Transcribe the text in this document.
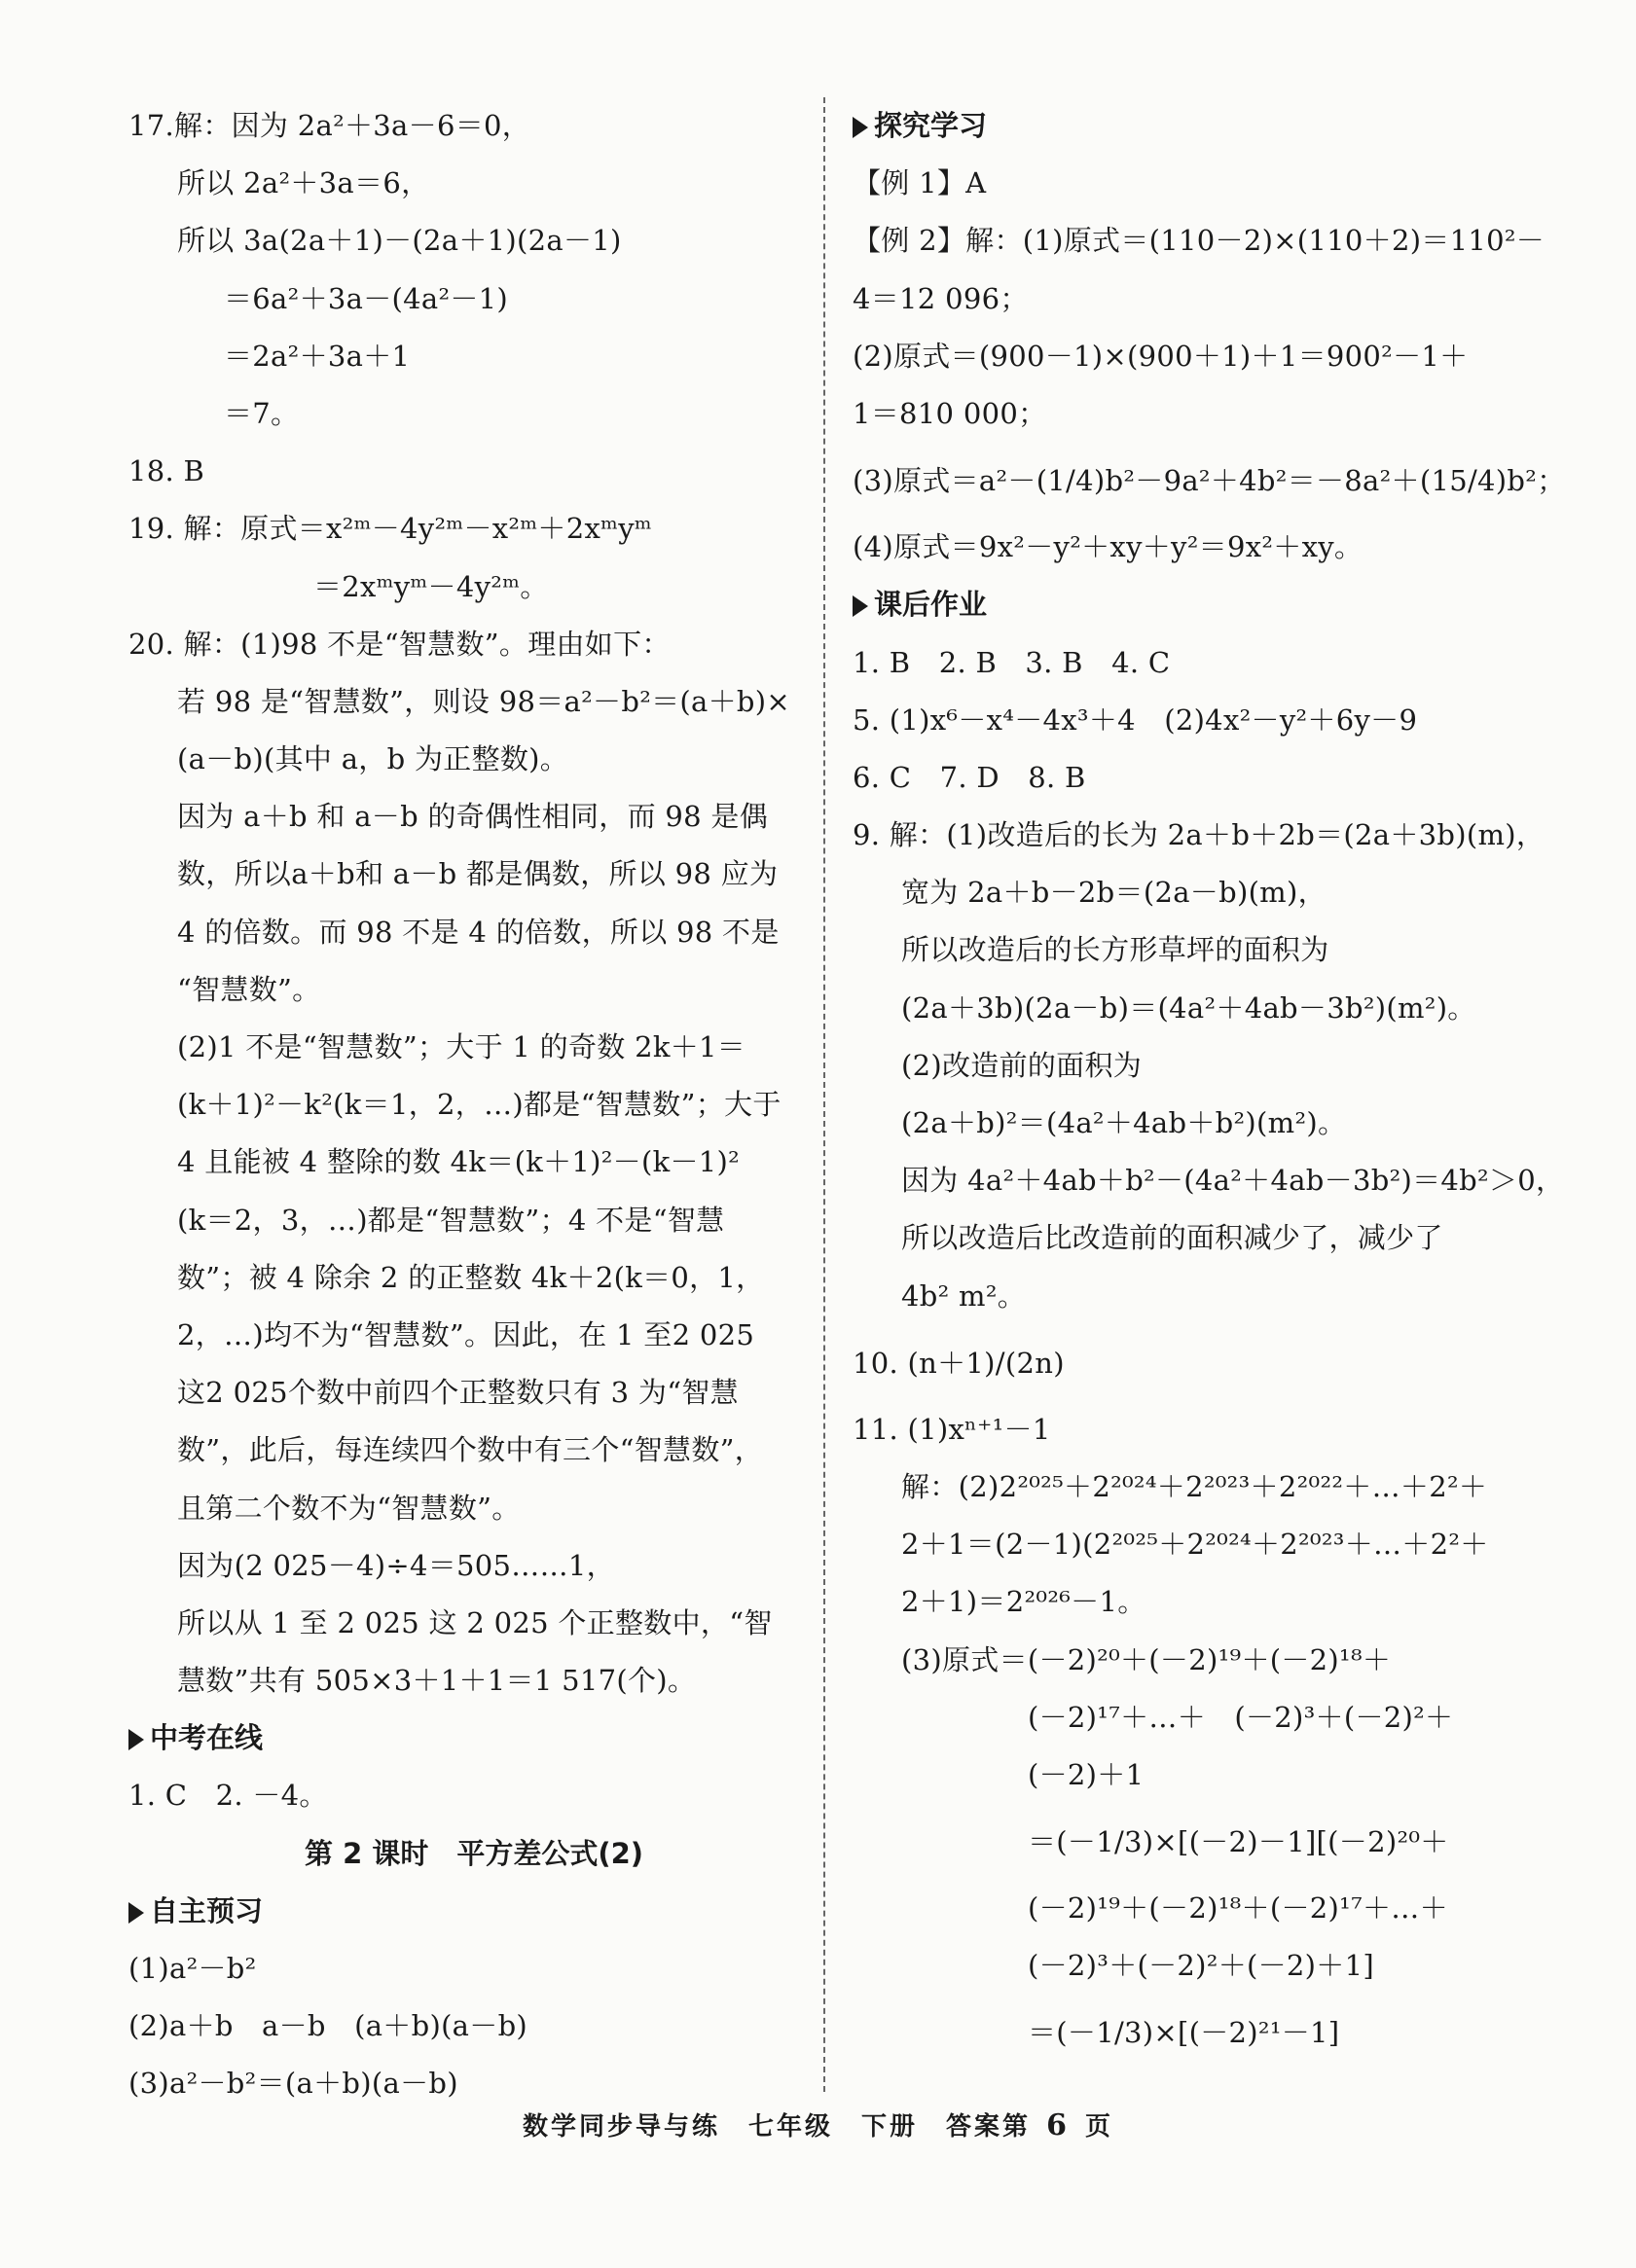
17.解：因为 2a²＋3a－6＝0，
所以 2a²＋3a＝6，
所以 3a(2a＋1)－(2a＋1)(2a－1)
＝6a²＋3a－(4a²－1)
＝2a²＋3a＋1
＝7。
18. B
19. 解：原式＝x²ᵐ－4y²ᵐ－x²ᵐ＋2xᵐyᵐ
＝2xᵐyᵐ－4y²ᵐ。
20. 解：(1)98 不是“智慧数”。理由如下：
若 98 是“智慧数”，则设 98＝a²－b²＝(a＋b)×
(a－b)(其中 a，b 为正整数)。
因为 a＋b 和 a－b 的奇偶性相同，而 98 是偶
数，所以a＋b和 a－b 都是偶数，所以 98 应为
4 的倍数。而 98 不是 4 的倍数，所以 98 不是
“智慧数”。
(2)1 不是“智慧数”；大于 1 的奇数 2k＋1＝
(k＋1)²－k²(k＝1，2，…)都是“智慧数”；大于
4 且能被 4 整除的数 4k＝(k＋1)²－(k－1)²
(k＝2，3，…)都是“智慧数”；4 不是“智慧
数”；被 4 除余 2 的正整数 4k＋2(k＝0，1，
2，…)均不为“智慧数”。因此，在 1 至2 025
这2 025个数中前四个正整数只有 3 为“智慧
数”，此后，每连续四个数中有三个“智慧数”，
且第二个数不为“智慧数”。
因为(2 025－4)÷4＝505……1，
所以从 1 至 2 025 这 2 025 个正整数中，“智
慧数”共有 505×3＋1＋1＝1 517(个)。
中考在线
1. C　2. －4。
第 2 课时　平方差公式(2)
自主预习
(1)a²－b²
(2)a＋b　a－b　(a＋b)(a－b)
(3)a²－b²＝(a＋b)(a－b)
探究学习
【例 1】A
【例 2】解：(1)原式＝(110－2)×(110＋2)＝110²－
4＝12 096；
(2)原式＝(900－1)×(900＋1)＋1＝900²－1＋
1＝810 000；
(3)原式＝a²－(1/4)b²－9a²＋4b²＝－8a²＋(15/4)b²；
(4)原式＝9x²－y²＋xy＋y²＝9x²＋xy。
课后作业
1. B　2. B　3. B　4. C
5. (1)x⁶－x⁴－4x³＋4　(2)4x²－y²＋6y－9
6. C　7. D　8. B
9. 解：(1)改造后的长为 2a＋b＋2b＝(2a＋3b)(m)，
宽为 2a＋b－2b＝(2a－b)(m)，
所以改造后的长方形草坪的面积为
(2a＋3b)(2a－b)＝(4a²＋4ab－3b²)(m²)。
(2)改造前的面积为
(2a＋b)²＝(4a²＋4ab＋b²)(m²)。
因为 4a²＋4ab＋b²－(4a²＋4ab－3b²)＝4b²＞0，
所以改造后比改造前的面积减少了，减少了
4b² m²。
10. (n＋1)/(2n)
11. (1)xⁿ⁺¹－1
解：(2)2²⁰²⁵＋2²⁰²⁴＋2²⁰²³＋2²⁰²²＋…＋2²＋
2＋1＝(2－1)(2²⁰²⁵＋2²⁰²⁴＋2²⁰²³＋…＋2²＋
2＋1)＝2²⁰²⁶－1。
(3)原式＝(－2)²⁰＋(－2)¹⁹＋(－2)¹⁸＋
(－2)¹⁷＋…＋　(－2)³＋(－2)²＋
(－2)＋1
＝(－1/3)×[(－2)－1][(－2)²⁰＋
(－2)¹⁹＋(－2)¹⁸＋(－2)¹⁷＋…＋
(－2)³＋(－2)²＋(－2)＋1]
＝(－1/3)×[(－2)²¹－1]
数学同步导与练　七年级　下册　答案第 6 页
